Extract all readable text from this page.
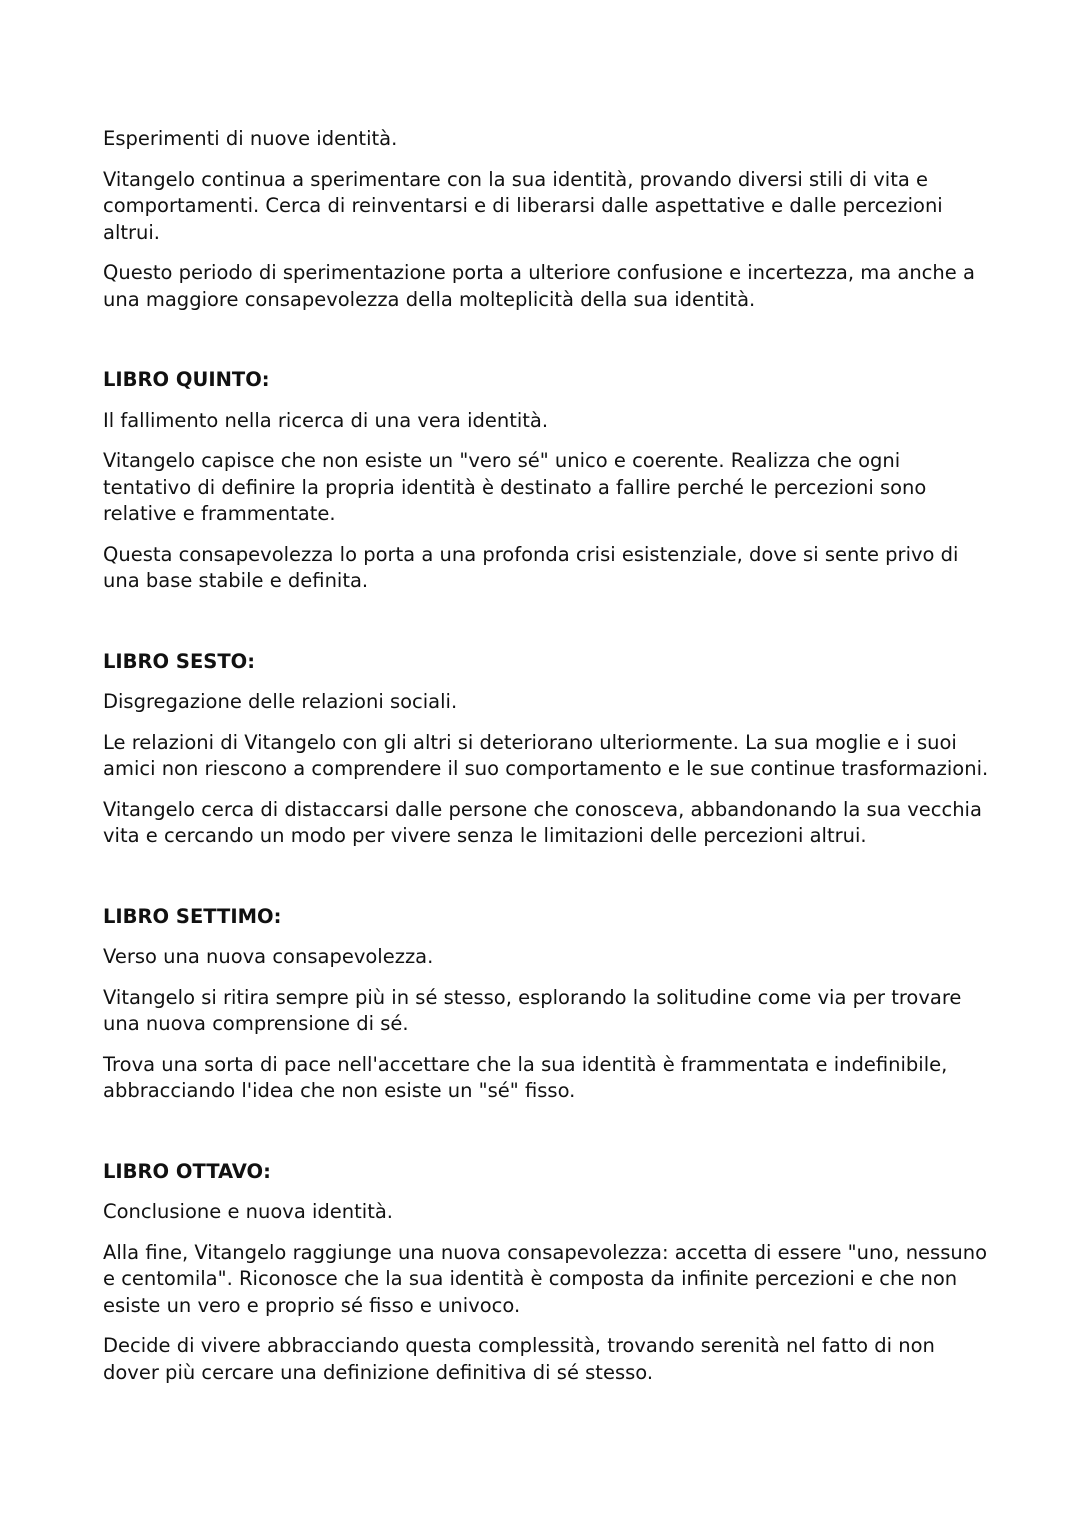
Esperimenti di nuove identità.

Vitangelo continua a sperimentare con la sua identità, provando diversi stili di vita e comportamenti. Cerca di reinventarsi e di liberarsi dalle aspettative e dalle percezioni altrui.

Questo periodo di sperimentazione porta a ulteriore confusione e incertezza, ma anche a una maggiore consapevolezza della molteplicità della sua identità.

LIBRO QUINTO:

Il fallimento nella ricerca di una vera identità.

Vitangelo capisce che non esiste un "vero sé" unico e coerente. Realizza che ogni tentativo di definire la propria identità è destinato a fallire perché le percezioni sono relative e frammentate.

Questa consapevolezza lo porta a una profonda crisi esistenziale, dove si sente privo di una base stabile e definita.

LIBRO SESTO:

Disgregazione delle relazioni sociali.

Le relazioni di Vitangelo con gli altri si deteriorano ulteriormente. La sua moglie e i suoi amici non riescono a comprendere il suo comportamento e le sue continue trasformazioni.

Vitangelo cerca di distaccarsi dalle persone che conosceva, abbandonando la sua vecchia vita e cercando un modo per vivere senza le limitazioni delle percezioni altrui.

LIBRO SETTIMO:

Verso una nuova consapevolezza.

Vitangelo si ritira sempre più in sé stesso, esplorando la solitudine come via per trovare una nuova comprensione di sé.

Trova una sorta di pace nell'accettare che la sua identità è frammentata e indefinibile, abbracciando l'idea che non esiste un "sé" fisso.

LIBRO OTTAVO:

Conclusione e nuova identità.

Alla fine, Vitangelo raggiunge una nuova consapevolezza: accetta di essere "uno, nessuno e centomila". Riconosce che la sua identità è composta da infinite percezioni e che non esiste un vero e proprio sé fisso e univoco.

Decide di vivere abbracciando questa complessità, trovando serenità nel fatto di non dover più cercare una definizione definitiva di sé stesso.
